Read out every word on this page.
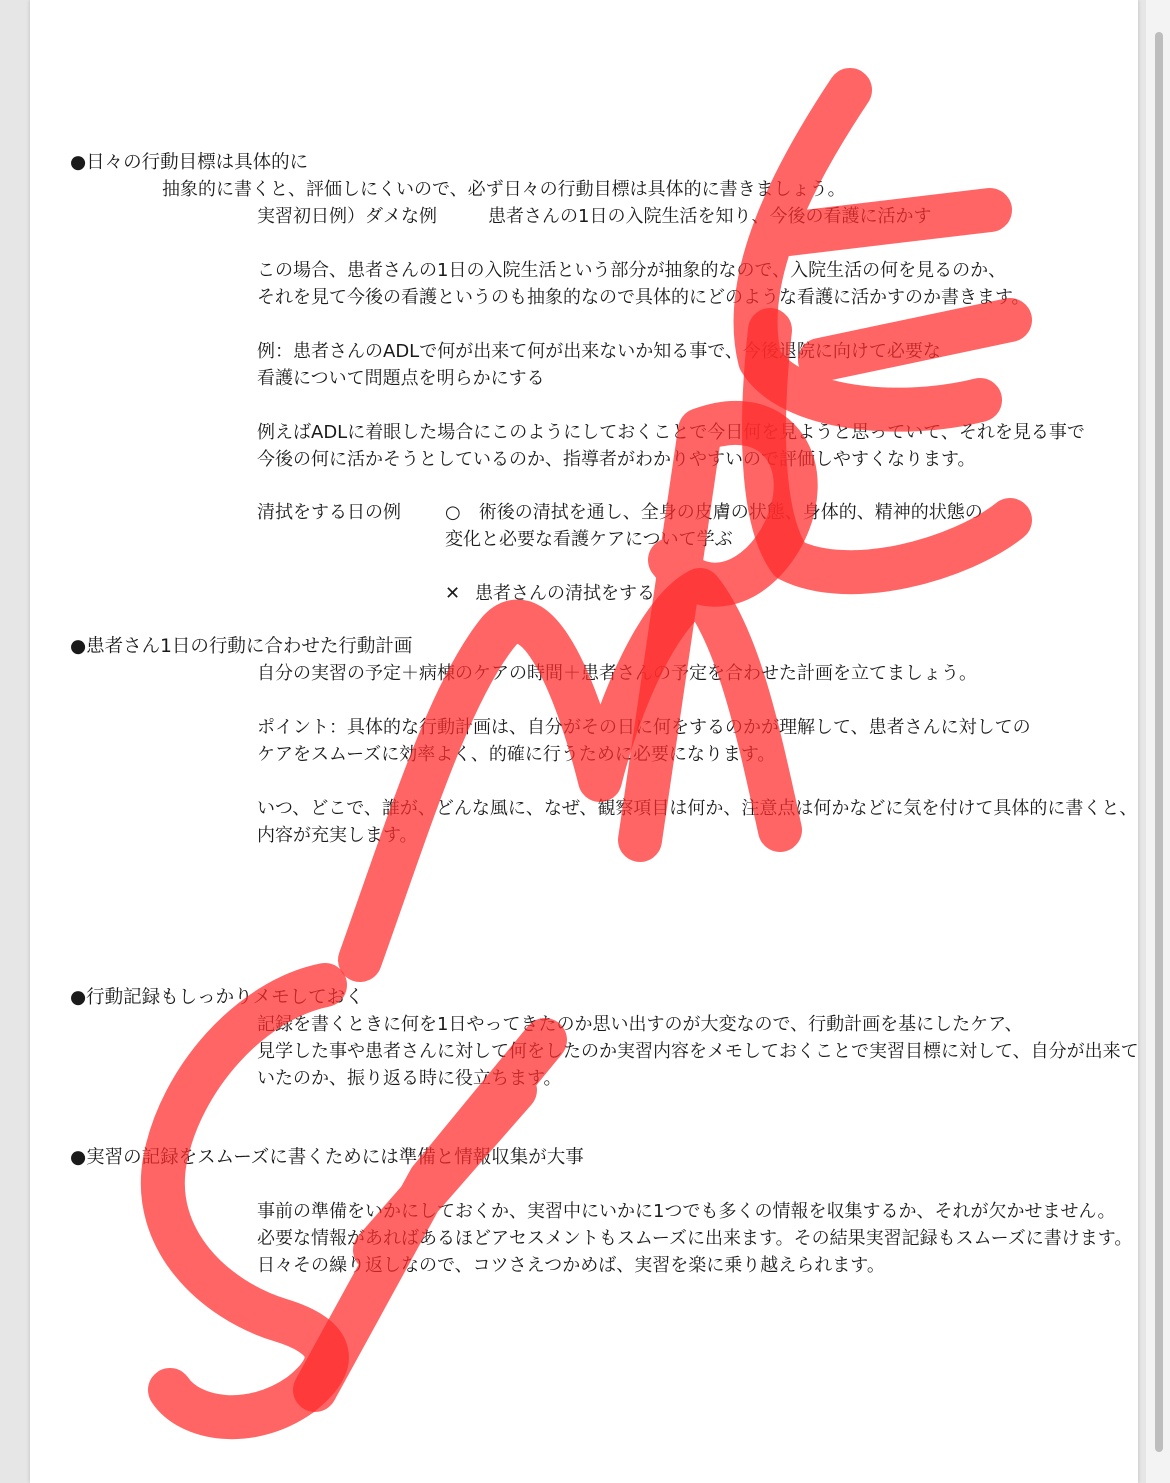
●日々の行動目標は具体的に

抽象的に書くと、評価しにくいので、必ず日々の行動目標は具体的に書きましょう。

実習初日例）ダメな例	患者さんの1日の入院生活を知り、今後の看護に活かす

この場合、患者さんの1日の入院生活という部分が抽象的なので、入院生活の何を見るのか、

それを見て今後の看護というのも抽象的なので具体的にどのような看護に活かすのか書きます。

例：患者さんのADLで何が出来て何が出来ないか知る事で、今後退院に向けて必要な

看護について問題点を明らかにする

例えばADLに着眼した場合にこのようにしておくことで今日何を見ようと思っていて、それを見る事で

今後の何に活かそうとしているのか、指導者がわかりやすいので評価しやすくなります。

清拭をする日の例 ○　術後の清拭を通し、全身の皮膚の状態、身体的、精神的状態の

変化と必要な看護ケアについて学ぶ

✕ 患者さんの清拭をする

●患者さん1日の行動に合わせた行動計画

自分の実習の予定＋病棟のケアの時間＋患者さんの予定を合わせた計画を立てましょう。

ポイント：具体的な行動計画は、自分がその日に何をするのかが理解して、患者さんに対しての

ケアをスムーズに効率よく、的確に行うために必要になります。

いつ、どこで、誰が、どんな風に、なぜ、観察項目は何か、注意点は何かなどに気を付けて具体的に書くと、

内容が充実します。

●行動記録もしっかりメモしておく

記録を書くときに何を1日やってきたのか思い出すのが大変なので、行動計画を基にしたケア、

見学した事や患者さんに対して何をしたのか実習内容をメモしておくことで実習目標に対して、自分が出来て

いたのか、振り返る時に役立ちます。

●実習の記録をスムーズに書くためには準備と情報収集が大事

事前の準備をいかにしておくか、実習中にいかに1つでも多くの情報を収集するか、それが欠かせません。

必要な情報があればあるほどアセスメントもスムーズに出来ます。その結果実習記録もスムーズに書けます。

日々その繰り返しなので、コツさえつかめば、実習を楽に乗り越えられます。
